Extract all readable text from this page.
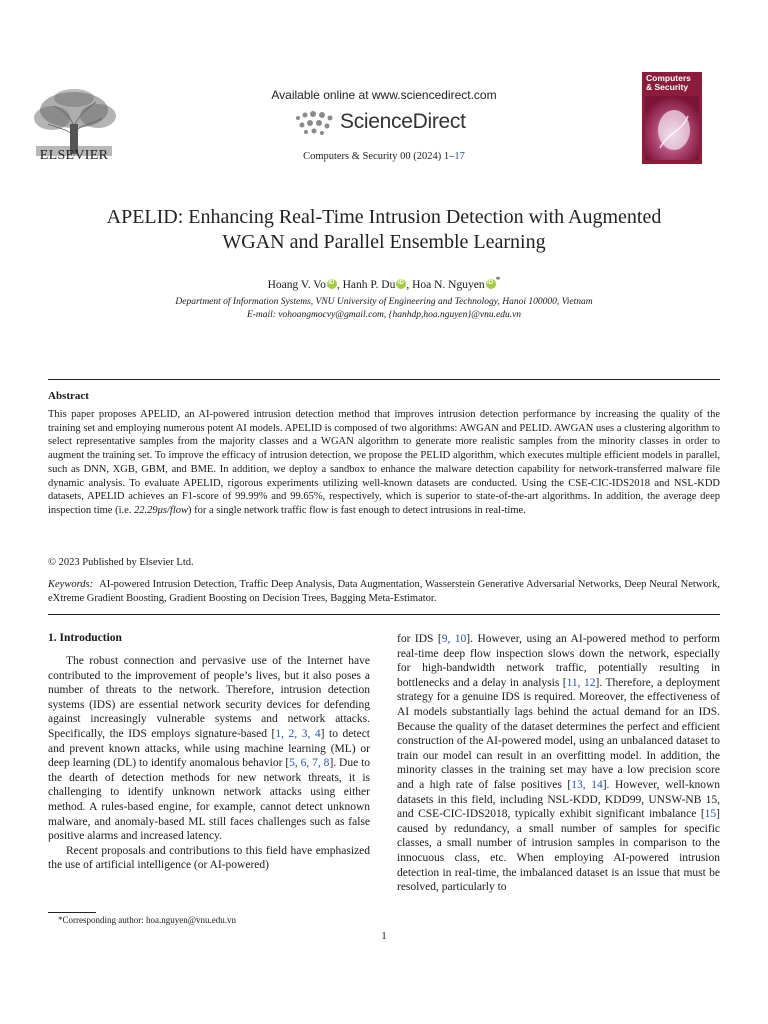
ELSEVIER
Available online at www.sciencedirect.com
ScienceDirect
Computers & Security 00 (2024) 1–17
Computers
& Security
APELID: Enhancing Real-Time Intrusion Detection with Augmented
WGAN and Parallel Ensemble Learning
Hoang V. Vo iD , Hanh P. Du iD , Hoa N. Nguyen iD *
Department of Information Systems, VNU University of Engineering and Technology, Hanoi 100000, Vietnam
E-mail: vohoangmocvy@gmail.com, {hanhdp,hoa.nguyen}@vnu.edu.vn
Abstract
This paper proposes APELID, an AI-powered intrusion detection method that improves intrusion detection performance by increasing the quality of the training set and employing numerous potent AI models. APELID is composed of two algorithms: AWGAN and PELID. AWGAN uses a clustering algorithm to select representative samples from the majority classes and a WGAN algorithm to generate more realistic samples from the minority classes in order to augment the training set. To improve the efficacy of intrusion detection, we propose the PELID algorithm, which executes multiple efficient models in parallel, such as DNN, XGB, GBM, and BME. In addition, we deploy a sandbox to enhance the malware detection capability for network-transferred malware file dynamic analysis. To evaluate APELID, rigorous experiments utilizing well-known datasets are conducted. Using the CSE-CIC-IDS2018 and NSL-KDD datasets, APELID achieves an F1-score of 99.99% and 99.65%, respectively, which is superior to state-of-the-art algorithms. In addition, the average deep inspection time (i.e. 22.29μs/flow) for a single network traffic flow is fast enough to detect intrusions in real-time.
© 2023 Published by Elsevier Ltd.
Keywords: AI-powered Intrusion Detection, Traffic Deep Analysis, Data Augmentation, Wasserstein Generative Adversarial Networks, Deep Neural Network, eXtreme Gradient Boosting, Gradient Boosting on Decision Trees, Bagging Meta-Estimator.
1. Introduction

The robust connection and pervasive use of the Internet have contributed to the improvement of people’s lives, but it also poses a number of threats to the network. Therefore, intrusion detection systems (IDS) are essential network security devices for defending against increasingly vulnerable systems and network attacks. Specifically, the IDS employs signature-based [1, 2, 3, 4] to detect and prevent known attacks, while using machine learning (ML) or deep learning (DL) to identify anomalous behavior [5, 6, 7, 8]. Due to the dearth of detection methods for new network threats, it is challenging to identify unknown network attacks using either method. A rules-based engine, for example, cannot detect unknown malware, and anomaly-based ML still faces challenges such as false positive alarms and increased latency.

Recent proposals and contributions to this field have emphasized the use of artificial intelligence (or AI-powered)

for IDS [9, 10]. However, using an AI-powered method to perform real-time deep flow inspection slows down the network, especially for high-bandwidth network traffic, potentially resulting in bottlenecks and a delay in analysis [11, 12]. Therefore, a deployment strategy for a genuine IDS is required. Moreover, the effectiveness of AI models substantially lags behind the actual demand for an IDS. Because the quality of the dataset determines the perfect and efficient construction of the AI-powered model, using an unbalanced dataset to train our model can result in an overfitting model. In addition, the minority classes in the training set may have a low precision score and a high rate of false positives [13, 14]. However, well-known datasets in this field, including NSL-KDD, KDD99, UNSW-NB 15, and CSE-CIC-IDS2018, typically exhibit significant imbalance [15] caused by redundancy, a small number of samples for specific classes, a small number of intrusion samples in comparison to the innocuous class, etc. When employing AI-powered intrusion detection in real-time, the imbalanced dataset is an issue that must be resolved, particularly to

*Corresponding author: hoa.nguyen@vnu.edu.vn
1
